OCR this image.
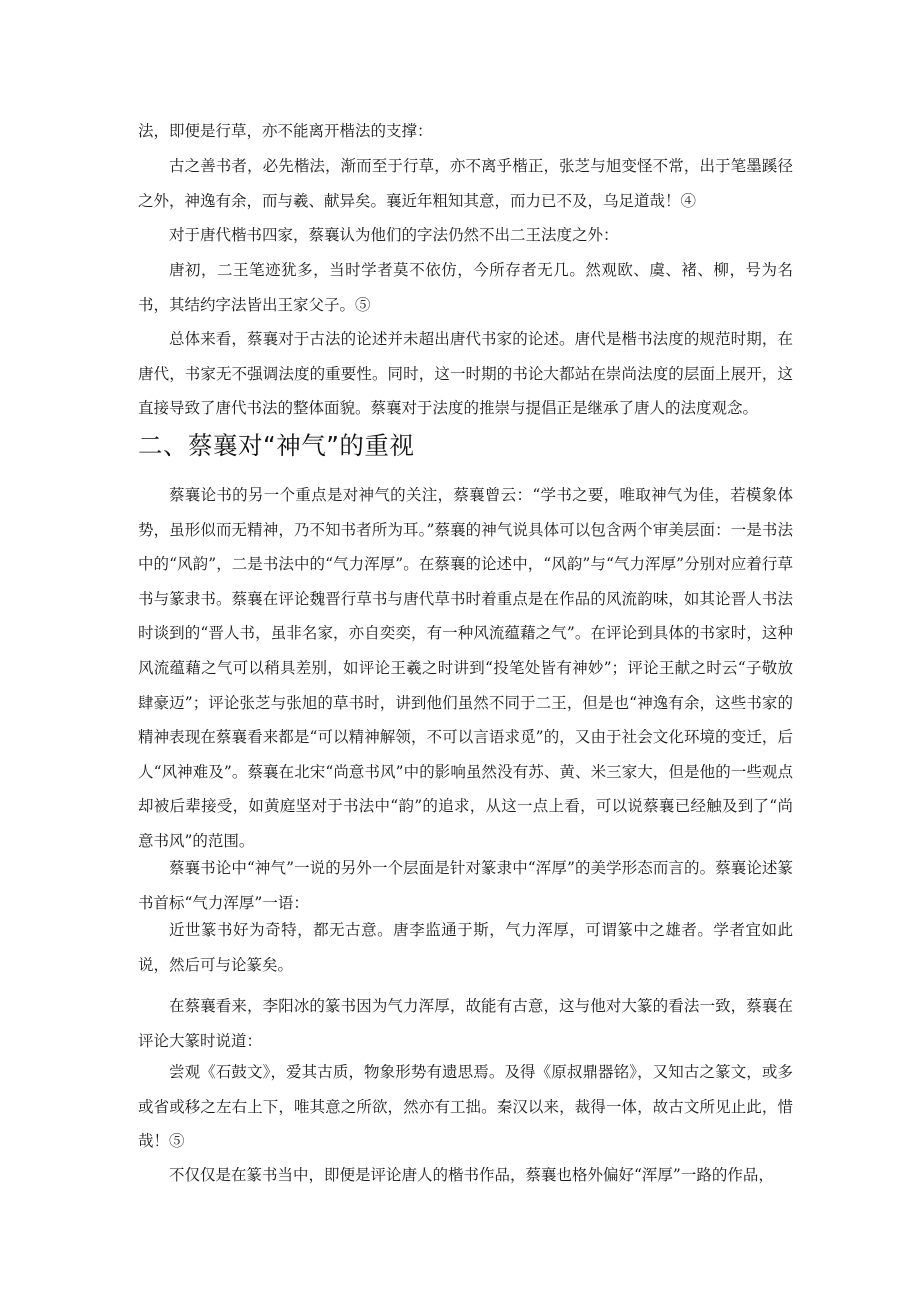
法，即便是行草，亦不能离开楷法的支撑：

古之善书者，必先楷法，渐而至于行草，亦不离乎楷正，张芝与旭变怪不常，出于笔墨蹊径之外，神逸有余，而与羲、献异矣。襄近年粗知其意，而力已不及，乌足道哉！④

对于唐代楷书四家，蔡襄认为他们的字法仍然不出二王法度之外：

唐初，二王笔迹犹多，当时学者莫不依仿，今所存者无几。然观欧、虞、褚、柳，号为名书，其结约字法皆出王家父子。⑤

总体来看，蔡襄对于古法的论述并未超出唐代书家的论述。唐代是楷书法度的规范时期，在唐代，书家无不强调法度的重要性。同时，这一时期的书论大都站在崇尚法度的层面上展开，这直接导致了唐代书法的整体面貌。蔡襄对于法度的推崇与提倡正是继承了唐人的法度观念。

二、蔡襄对“神气”的重视

蔡襄论书的另一个重点是对神气的关注，蔡襄曾云：“学书之要，唯取神气为佳，若模象体势，虽形似而无精神，乃不知书者所为耳。”蔡襄的神气说具体可以包含两个审美层面：一是书法中的“风韵”，二是书法中的“气力浑厚”。在蔡襄的论述中，“风韵”与“气力浑厚”分别对应着行草书与篆隶书。蔡襄在评论魏晋行草书与唐代草书时着重点是在作品的风流韵味，如其论晋人书法时谈到的“晋人书，虽非名家，亦自奕奕，有一种风流蕴藉之气”。在评论到具体的书家时，这种风流蕴藉之气可以稍具差别，如评论王羲之时讲到“投笔处皆有神妙”；评论王献之时云“子敬放肆豪迈”；评论张芝与张旭的草书时，讲到他们虽然不同于二王，但是也“神逸有余，这些书家的精神表现在蔡襄看来都是“可以精神解领，不可以言语求觅”的，又由于社会文化环境的变迁，后人“风神难及”。蔡襄在北宋“尚意书风”中的影响虽然没有苏、黄、米三家大，但是他的一些观点却被后辈接受，如黄庭坚对于书法中“韵”的追求，从这一点上看，可以说蔡襄已经触及到了“尚意书风”的范围。

蔡襄书论中“神气”一说的另外一个层面是针对篆隶中“浑厚”的美学形态而言的。蔡襄论述篆书首标“气力浑厚”一语：

近世篆书好为奇特，都无古意。唐李监通于斯，气力浑厚，可谓篆中之雄者。学者宜如此说，然后可与论篆矣。

在蔡襄看来，李阳冰的篆书因为气力浑厚，故能有古意，这与他对大篆的看法一致，蔡襄在评论大篆时说道：

尝观《石鼓文》，爱其古质，物象形势有遗思焉。及得《原叔鼎器铭》，又知古之篆文，或多或省或移之左右上下，唯其意之所欲，然亦有工拙。秦汉以来，裁得一体，故古文所见止此，惜哉！⑤

不仅仅是在篆书当中，即便是评论唐人的楷书作品，蔡襄也格外偏好“浑厚”一路的作品，
